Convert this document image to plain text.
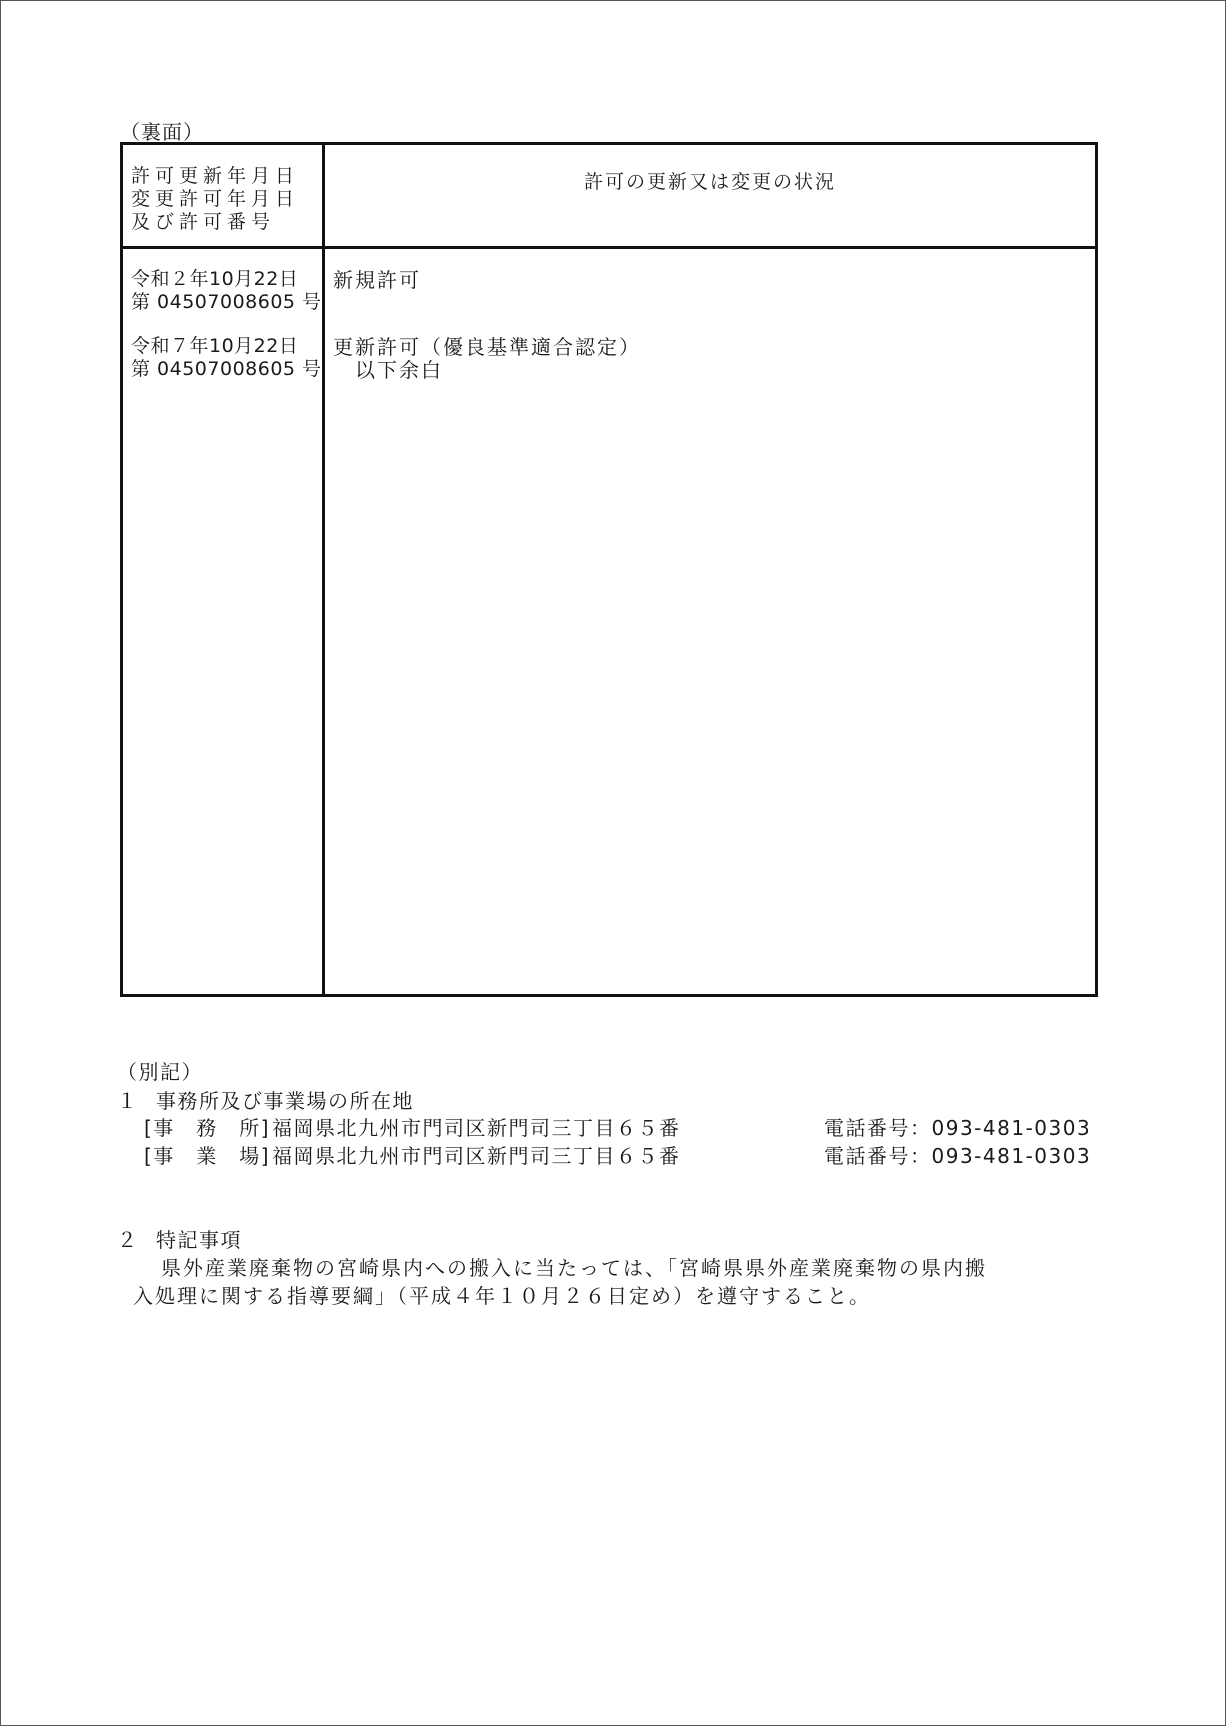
（裏面）
許可更新年月日
変更許可年月日
及び許可番号
許可の更新又は変更の状況
令和２年10月22日
第 04507008605 号
新規許可
令和７年10月22日
第 04507008605 号
更新許可（優良基準適合認定）
以下余白
（別記）
１ 事務所及び事業場の所在地
[事　務　所] 福岡県北九州市門司区新門司三丁目６５番	電話番号：093-481-0303
[事　業　場] 福岡県北九州市門司区新門司三丁目６５番	電話番号：093-481-0303
２ 特記事項
県外産業廃棄物の宮崎県内への搬入に当たっては、「宮崎県県外産業廃棄物の県内搬
入処理に関する指導要綱」（平成４年１０月２６日定め）を遵守すること。
